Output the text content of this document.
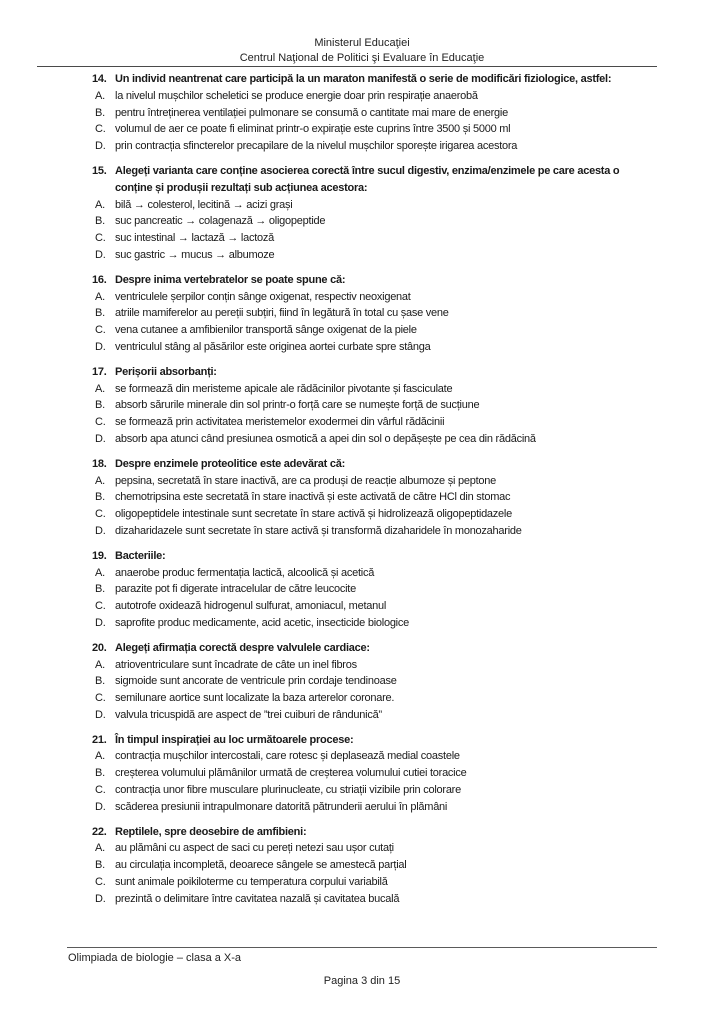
Ministerul Educaţiei
Centrul Naţional de Politici şi Evaluare în Educaţie
14. Un individ neantrenat care participă la un maraton manifestă o serie de modificări fiziologice, astfel:
A. la nivelul mușchilor scheletici se produce energie doar prin respirație anaerobă
B. pentru întreținerea ventilației pulmonare se consumă o cantitate mai mare de energie
C. volumul de aer ce poate fi eliminat printr-o expirație este cuprins între 3500 și 5000 ml
D. prin contracția sfincterelor precapilare de la nivelul mușchilor sporește irigarea acestora
15. Alegeți varianta care conține asocierea corectă între sucul digestiv, enzima/enzimele pe care acesta o conține și produșii rezultați sub acțiunea acestora:
A. bilă → colesterol, lecitină → acizi grași
B. suc pancreatic → colagenază → oligopeptide
C. suc intestinal → lactază → lactoză
D. suc gastric → mucus → albumoze
16. Despre inima vertebratelor se poate spune că:
A. ventriculele șerpilor conțin sânge oxigenat, respectiv neoxigenat
B. atriile mamiferelor au pereții subțiri, fiind în legătură în total cu șase vene
C. vena cutanee a amfibienilor transportă sânge oxigenat de la piele
D. ventriculul stâng al păsărilor este originea aortei curbate spre stânga
17. Perișorii absorbanți:
A. se formează din meristeme apicale ale rădăcinilor pivotante și fasciculate
B. absorb sărurile minerale din sol printr-o forță care se numește forță de sucțiune
C. se formează prin activitatea meristemelor exodermei din vârful rădăcinii
D. absorb apa atunci când presiunea osmotică a apei din sol o depășește pe cea din rădăcină
18. Despre enzimele proteolitice este adevărat că:
A. pepsina, secretată în stare inactivă, are ca produși de reacție albumoze și peptone
B. chemotripsina este secretată în stare inactivă și este activată de către HCl din stomac
C. oligopeptidele intestinale sunt secretate în stare activă și hidrolizează oligopeptidazele
D. dizaharidazele sunt secretate în stare activă și transformă dizaharidele în monozaharide
19. Bacteriile:
A. anaerobe produc fermentația lactică, alcoolică și acetică
B. parazite pot fi digerate intracelular de către leucocite
C. autotrofe oxidează hidrogenul sulfurat, amoniacul, metanul
D. saprofite produc medicamente, acid acetic, insecticide biologice
20. Alegeți afirmația corectă despre valvulele cardiace:
A. atrioventriculare sunt încadrate de câte un inel fibros
B. sigmoide sunt ancorate de ventricule prin cordaje tendinoase
C. semilunare aortice sunt localizate la baza arterelor coronare.
D. valvula tricuspidă are aspect de ”trei cuiburi de rândunică”
21. În timpul inspirației au loc următoarele procese:
A. contracția mușchilor intercostali, care rotesc și deplasează medial coastele
B. creșterea volumului plămânilor urmată de creșterea volumului cutiei toracice
C. contracția unor fibre musculare plurinucleate, cu striații vizibile prin colorare
D. scăderea presiunii intrapulmonare datorită pătrunderii aerului în plămâni
22. Reptilele, spre deosebire de amfibieni:
A. au plămâni cu aspect de saci cu pereți netezi sau ușor cutați
B. au circulația incompletă, deoarece sângele se amestecă parțial
C. sunt animale poikiloterme cu temperatura corpului variabilă
D. prezintă o delimitare între cavitatea nazală și cavitatea bucală
Olimpiada de biologie – clasa a X-a
Pagina 3 din 15
